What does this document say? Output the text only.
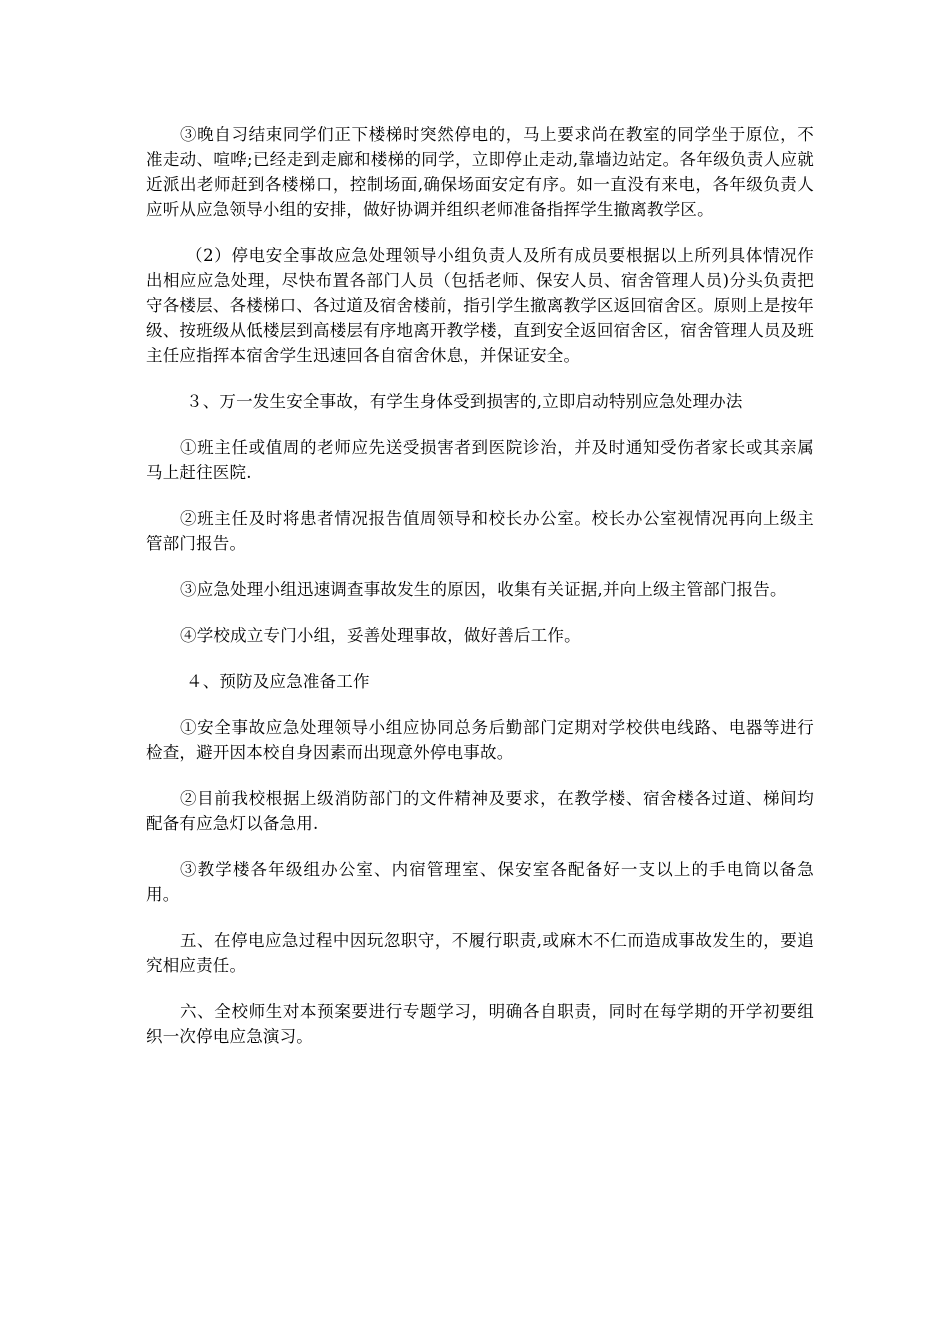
③晚自习结束同学们正下楼梯时突然停电的，马上要求尚在教室的同学坐于原位，不准走动、喧哗;已经走到走廊和楼梯的同学，立即停止走动,靠墙边站定。各年级负责人应就近派出老师赶到各楼梯口，控制场面,确保场面安定有序。如一直没有来电，各年级负责人应听从应急领导小组的安排，做好协调并组织老师准备指挥学生撤离教学区。

（2）停电安全事故应急处理领导小组负责人及所有成员要根据以上所列具体情况作出相应应急处理，尽快布置各部门人员（包括老师、保安人员、宿舍管理人员)分头负责把守各楼层、各楼梯口、各过道及宿舍楼前，指引学生撤离教学区返回宿舍区。原则上是按年级、按班级从低楼层到高楼层有序地离开教学楼，直到安全返回宿舍区，宿舍管理人员及班主任应指挥本宿舍学生迅速回各自宿舍休息，并保证安全。

３、万一发生安全事故，有学生身体受到损害的,立即启动特别应急处理办法

①班主任或值周的老师应先送受损害者到医院诊治，并及时通知受伤者家长或其亲属马上赶往医院.

②班主任及时将患者情况报告值周领导和校长办公室。校长办公室视情况再向上级主管部门报告。

③应急处理小组迅速调查事故发生的原因，收集有关证据,并向上级主管部门报告。

④学校成立专门小组，妥善处理事故，做好善后工作。

４、预防及应急准备工作

①安全事故应急处理领导小组应协同总务后勤部门定期对学校供电线路、电器等进行检查，避开因本校自身因素而出现意外停电事故。

②目前我校根据上级消防部门的文件精神及要求，在教学楼、宿舍楼各过道、梯间均配备有应急灯以备急用.

③教学楼各年级组办公室、内宿管理室、保安室各配备好一支以上的手电筒以备急用。

五、在停电应急过程中因玩忽职守，不履行职责,或麻木不仁而造成事故发生的，要追究相应责任。

六、全校师生对本预案要进行专题学习，明确各自职责，同时在每学期的开学初要组织一次停电应急演习。
